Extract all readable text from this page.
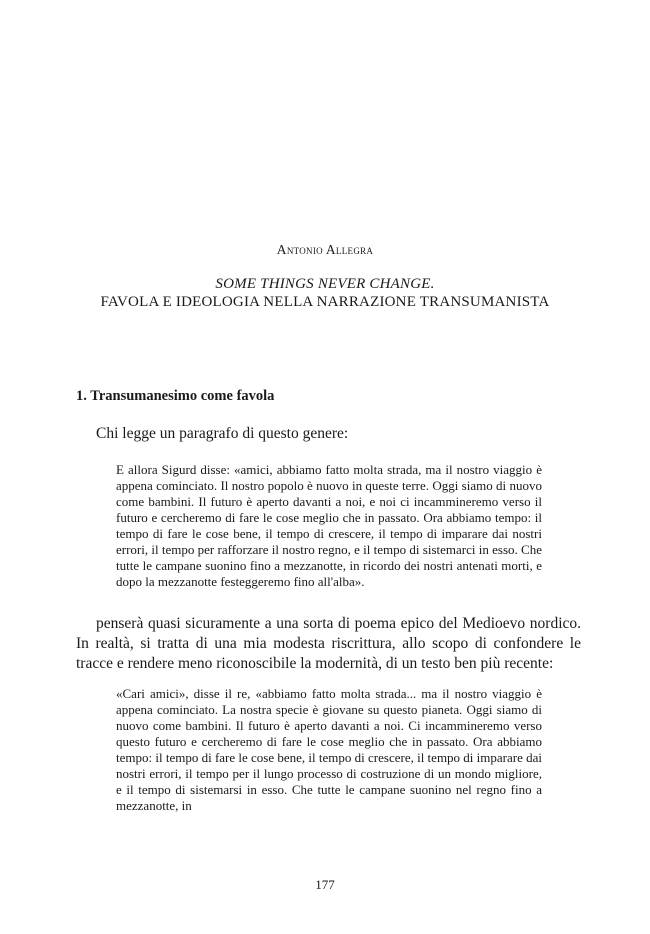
Antonio Allegra
SOME THINGS NEVER CHANGE.
FAVOLA E IDEOLOGIA NELLA NARRAZIONE TRANSUMANISTA
1. Transumanesimo come favola

Chi legge un paragrafo di questo genere:

E allora Sigurd disse: «amici, abbiamo fatto molta strada, ma il nostro viaggio è appena cominciato. Il nostro popolo è nuovo in queste terre. Oggi siamo di nuovo come bambini. Il futuro è aperto davanti a noi, e noi ci incammineremo verso il futuro e cercheremo di fare le cose meglio che in passato. Ora abbiamo tempo: il tempo di fare le cose bene, il tempo di crescere, il tempo di imparare dai nostri errori, il tempo per rafforzare il nostro regno, e il tempo di sistemarci in esso. Che tutte le campane suonino fino a mezzanotte, in ricordo dei nostri antenati morti, e dopo la mezzanotte festeggeremo fino all'alba».

penserà quasi sicuramente a una sorta di poema epico del Medioevo nordico. In realtà, si tratta di una mia modesta riscrittura, allo scopo di confondere le tracce e rendere meno riconoscibile la modernità, di un testo ben più recente:

«Cari amici», disse il re, «abbiamo fatto molta strada... ma il nostro viaggio è appena cominciato. La nostra specie è giovane su questo pianeta. Oggi siamo di nuovo come bambini. Il futuro è aperto davanti a noi. Ci incammineremo verso questo futuro e cercheremo di fare le cose meglio che in passato. Ora abbiamo tempo: il tempo di fare le cose bene, il tempo di crescere, il tempo di imparare dai nostri errori, il tempo per il lungo processo di costruzione di un mondo migliore, e il tempo di sistemarsi in esso. Che tutte le campane suonino nel regno fino a mezzanotte, in

177
